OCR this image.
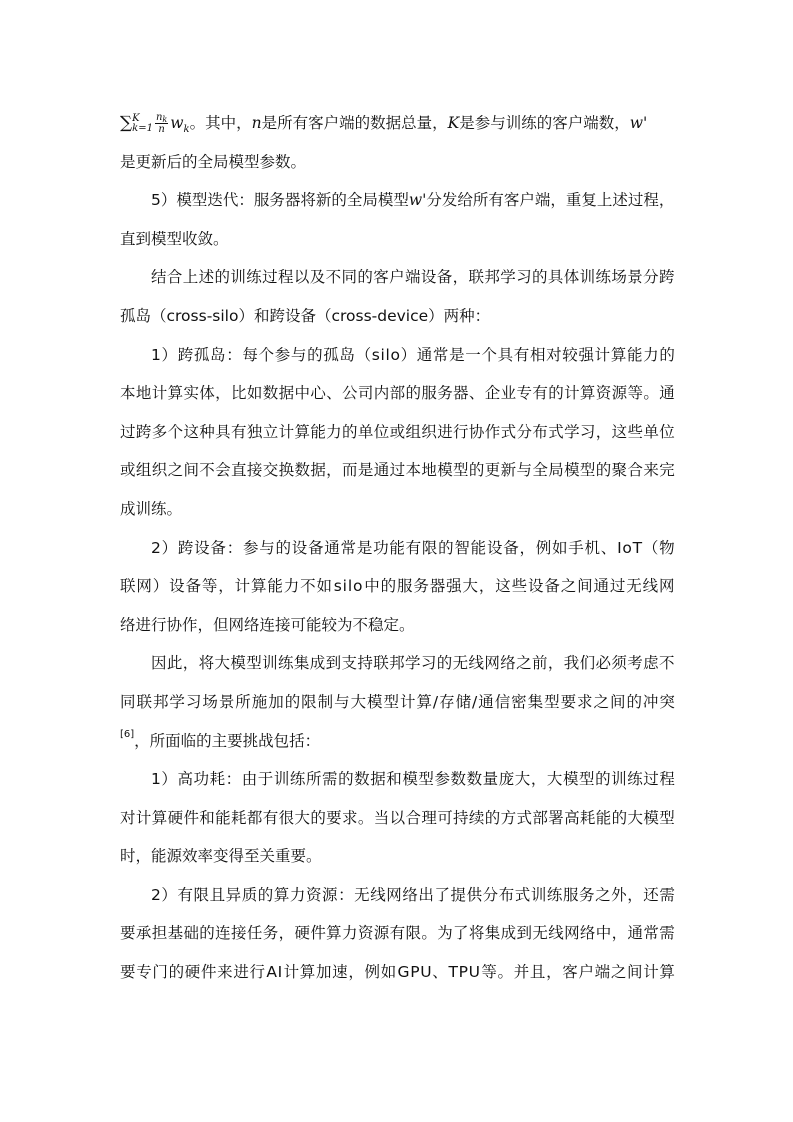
∑ K
$k=1 \frac{n_k}{n} w_k$。其中，n是所有客户端的数据总量，K是参与训练的客户端数，w'
是更新后的全局模型参数。
5）模型迭代：服务器将新的全局模型w'分发给所有客户端，重复上述过程，
直到模型收敛。
结 合 上 述 的 训 练 过 程 以 及 不 同 的 客 户 端 设 备 ， 联 邦 学 习 的 具 体 训 练 场 景 分 跨
孤岛（cross-silo）和跨设备（cross-device）两种：
1 ） 跨 孤 岛 ： 每 个 参 与 的 孤 岛 （ s i l o ） 通 常 是 一 个 具 有 相 对 较 强 计 算 能 力 的
本 地 计 算 实 体 ， 比 如 数 据 中 心 、 公 司 内 部 的 服 务 器 、 企 业 专 有 的 计 算 资 源 等 。 通
过 跨 多 个 这 种 具 有 独 立 计 算 能 力 的 单 位 或 组 织 进 行 协 作 式 分 布 式 学 习 ， 这 些 单 位
或 组 织 之 间 不 会 直 接 交 换 数 据 ， 而 是 通 过 本 地 模 型 的 更 新 与 全 局 模 型 的 聚 合 来 完
成训练。
2 ） 跨 设 备 ： 参 与 的 设 备 通 常 是 功 能 有 限 的 智 能 设 备 ， 例 如 手 机 、 I o T （ 物
联 网 ） 设 备 等 ， 计 算 能 力 不 如 s i l o 中 的 服 务 器 强 大 ， 这 些 设 备 之 间 通 过 无 线 网
络进行协作，但网络连接可能较为不稳定。
因 此 ， 将 大 模 型 训 练 集 成 到 支 持 联 邦 学 习 的 无 线 网 络 之 前 ， 我 们 必 须 考 虑 不
同 联 邦 学 习 场 景 所 施 加 的 限 制 与 大 模 型 计 算 / 存 储 / 通 信 密 集 型 要 求 之 间 的 冲 突
[6] ，所面临的主要挑战包括：
1 ） 高 功 耗 ： 由 于 训 练 所 需 的 数 据 和 模 型 参 数 数 量 庞 大 ， 大 模 型 的 训 练 过 程
对 计 算 硬 件 和 能 耗 都 有 很 大 的 要 求 。 当 以 合 理 可 持 续 的 方 式 部 署 高 耗 能 的 大 模 型
时，能源效率变得至关重要。
2 ） 有 限 且 异 质 的 算 力 资 源 ： 无 线 网 络 出 了 提 供 分 布 式 训 练 服 务 之 外 ， 还 需
要 承 担 基 础 的 连 接 任 务 ， 硬 件 算 力 资 源 有 限 。 为 了 将 集 成 到 无 线 网 络 中 ， 通 常 需
要 专 门 的 硬 件 来 进 行 A I 计 算 加 速 ， 例 如 G P U 、 T P U 等 。 并 且 ， 客 户 端 之 间 计 算
